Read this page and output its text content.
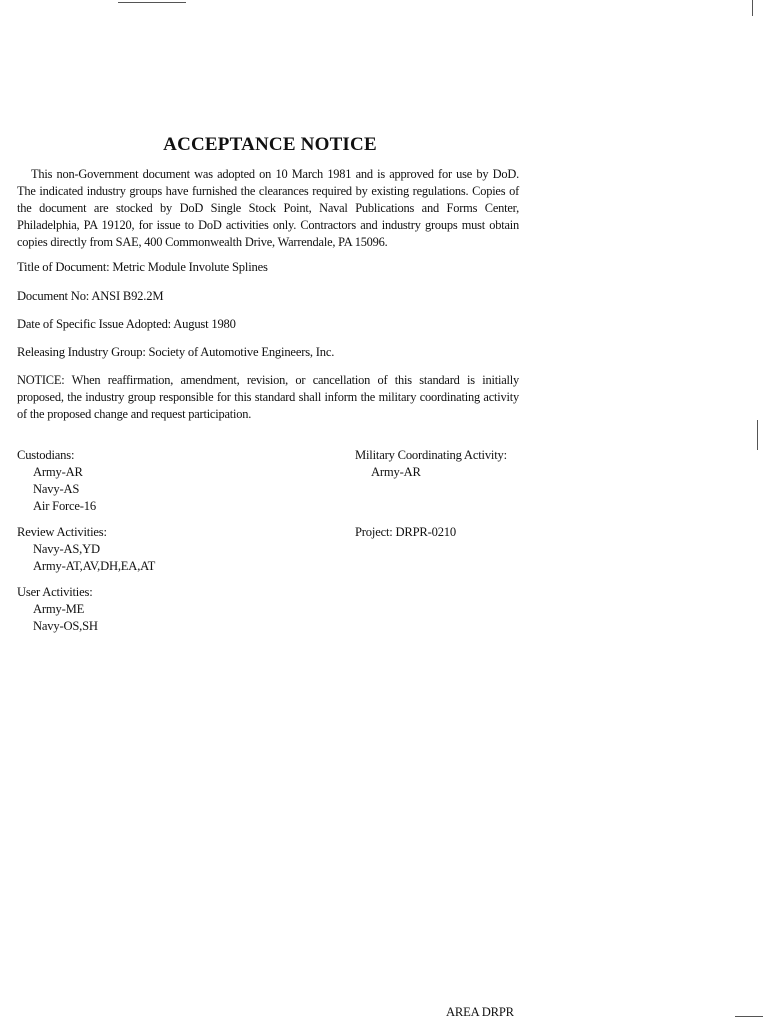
ACCEPTANCE NOTICE

This non-Government document was adopted on 10 March 1981 and is approved for use by DoD. The indicated industry groups have furnished the clearances required by existing regulations. Copies of the document are stocked by DoD Single Stock Point, Naval Publications and Forms Center, Philadelphia, PA 19120, for issue to DoD activities only. Contractors and industry groups must obtain copies directly from SAE, 400 Commonwealth Drive, Warrendale, PA 15096.

Title of Document: Metric Module Involute Splines
Document No: ANSI B92.2M
Date of Specific Issue Adopted: August 1980
Releasing Industry Group: Society of Automotive Engineers, Inc.

NOTICE: When reaffirmation, amendment, revision, or cancellation of this standard is initially proposed, the industry group responsible for this standard shall inform the military coordinating activity of the proposed change and request participation.

Custodians:
Army-AR
Navy-AS
Air Force-16
Military Coordinating Activity:
Army-AR
Review Activities:
Navy-AS,YD
Army-AT,AV,DH,EA,AT
Project: DRPR-0210
User Activities:
Army-ME
Navy-OS,SH
AREA DRPR
